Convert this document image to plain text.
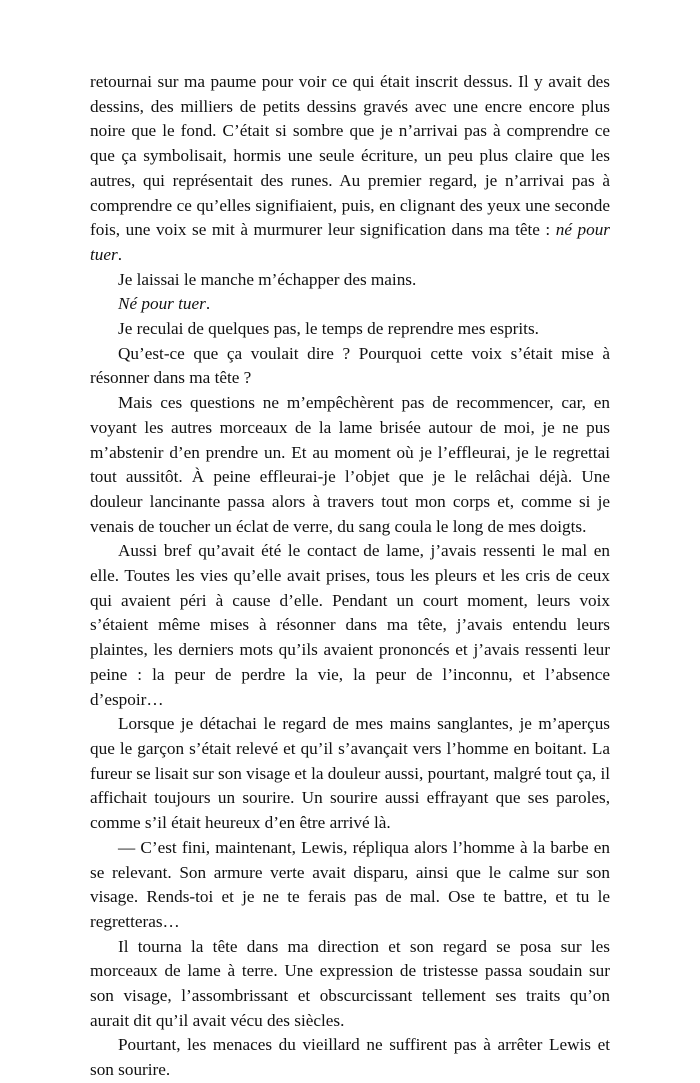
retournai sur ma paume pour voir ce qui était inscrit dessus. Il y avait des dessins, des milliers de petits dessins gravés avec une encre encore plus noire que le fond. C’était si sombre que je n’arrivai pas à comprendre ce que ça symbolisait, hormis une seule écriture, un peu plus claire que les autres, qui représentait des runes. Au premier regard, je n’arrivai pas à comprendre ce qu’elles signifiaient, puis, en clignant des yeux une seconde fois, une voix se mit à murmurer leur signification dans ma tête : né pour tuer.

Je laissai le manche m’échapper des mains.

Né pour tuer.

Je reculai de quelques pas, le temps de reprendre mes esprits.

Qu’est-ce que ça voulait dire ? Pourquoi cette voix s’était mise à résonner dans ma tête ?

Mais ces questions ne m’empêchèrent pas de recommencer, car, en voyant les autres morceaux de la lame brisée autour de moi, je ne pus m’abstenir d’en prendre un. Et au moment où je l’effleurai, je le regrettai tout aussitôt. À peine effleurai-je l’objet que je le relâchai déjà. Une douleur lancinante passa alors à travers tout mon corps et, comme si je venais de toucher un éclat de verre, du sang coula le long de mes doigts.

Aussi bref qu’avait été le contact de lame, j’avais ressenti le mal en elle. Toutes les vies qu’elle avait prises, tous les pleurs et les cris de ceux qui avaient péri à cause d’elle. Pendant un court moment, leurs voix s’étaient même mises à résonner dans ma tête, j’avais entendu leurs plaintes, les derniers mots qu’ils avaient prononcés et j’avais ressenti leur peine : la peur de perdre la vie, la peur de l’inconnu, et l’absence d’espoir…

Lorsque je détachai le regard de mes mains sanglantes, je m’aperçus que le garçon s’était relevé et qu’il s’avançait vers l’homme en boitant. La fureur se lisait sur son visage et la douleur aussi, pourtant, malgré tout ça, il affichait toujours un sourire. Un sourire aussi effrayant que ses paroles, comme s’il était heureux d’en être arrivé là.

— C’est fini, maintenant, Lewis, répliqua alors l’homme à la barbe en se relevant. Son armure verte avait disparu, ainsi que le calme sur son visage. Rends-toi et je ne te ferais pas de mal. Ose te battre, et tu le regretteras…

Il tourna la tête dans ma direction et son regard se posa sur les morceaux de lame à terre. Une expression de tristesse passa soudain sur son visage, l’assombrissant et obscurcissant tellement ses traits qu’on aurait dit qu’il avait vécu des siècles.

Pourtant, les menaces du vieillard ne suffirent pas à arrêter Lewis et son sourire.
